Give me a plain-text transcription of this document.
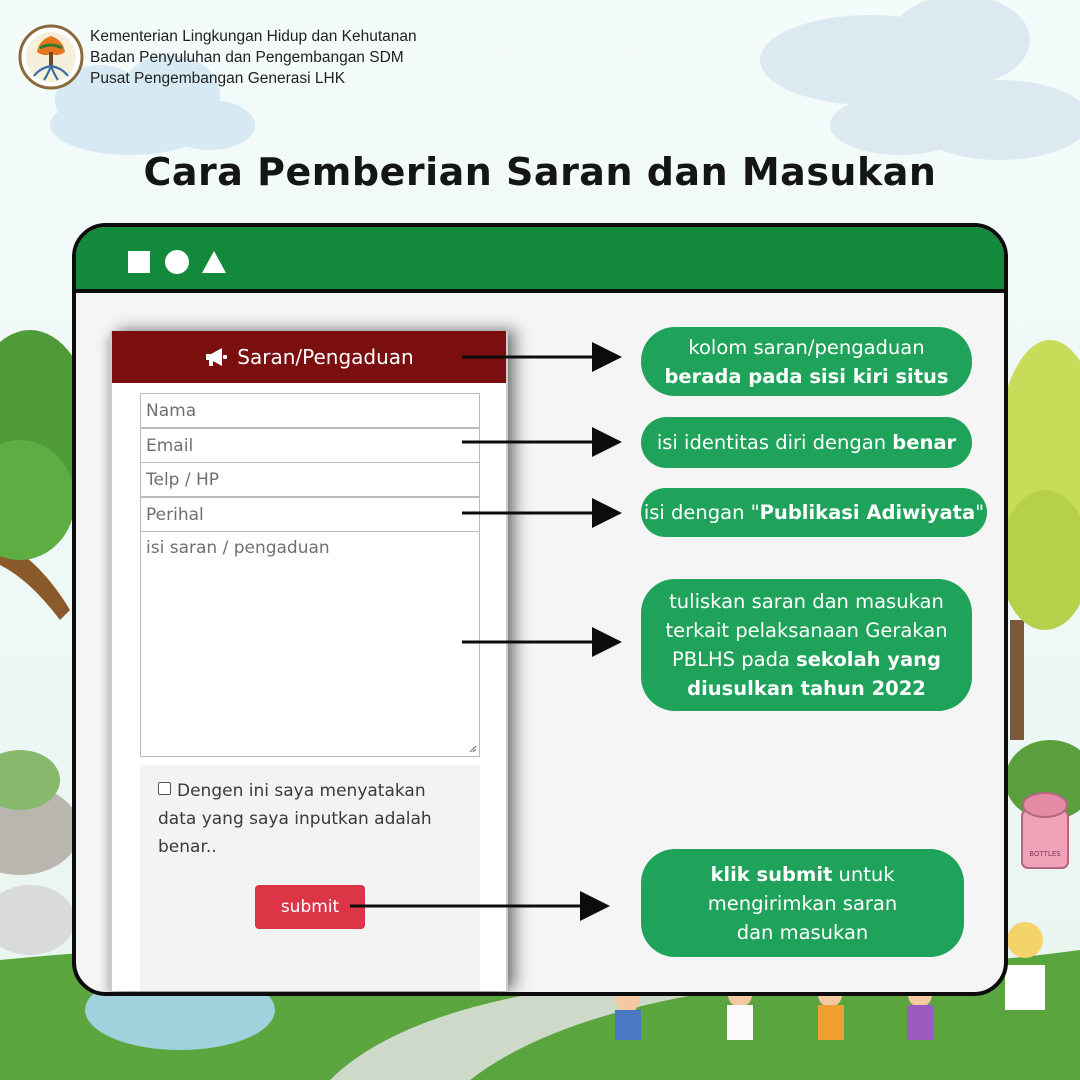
BOTTLES
Kementerian Lingkungan Hidup dan Kehutanan
Badan Penyuluhan dan Pengembangan SDM
Pusat Pengembangan Generasi LHK
Cara Pemberian Saran dan Masukan
Saran/Pengaduan
Nama
Email
Telp / HP
Perihal
isi saran / pengaduan
Dengen ini saya menyatakan data yang saya inputkan adalah benar..
submit
kolom saran/pengaduan
berada pada sisi kiri situs
isi identitas diri dengan benar
isi dengan "Publikasi Adiwiyata"
tuliskan saran dan masukan
terkait pelaksanaan Gerakan
PBLHS pada sekolah yang
diusulkan tahun 2022
klik submit untuk
mengirimkan saran
dan masukan
